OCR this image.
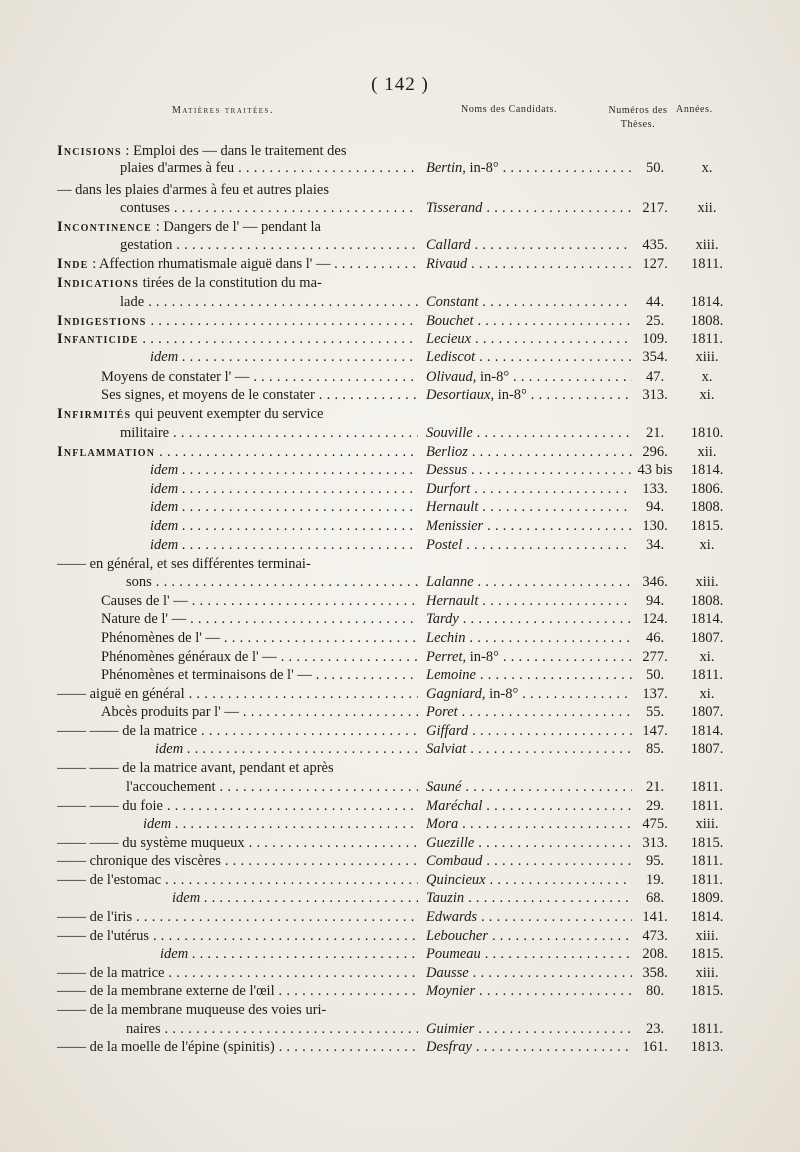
( 142 )
Matières traitées.	Noms des Candidats.	Numéros des Thèses.
Années.
Incisions : Emploi des — dans le traitement des
plaies d'armes à feu . . .	Bertin, in-8° . . .	50.	x.
— dans les plaies d'armes à feu et autres plaies
contuses . . .	Tisserand . . .	217.	xii.
Incontinence : Dangers de l' — pendant la
gestation . . .	Callard . . .	435.	xiii.
Inde : Affection rhumatismale aiguë dans l' — . . . .	Rivaud . . .	127.	1811.
Indications tirées de la constitution du ma-
lade . . .	Constant . . .	44.	1814.
Indigestions . . .	Bouchet . . .	25.	1808.
Infanticide . . .	Lecieux . . .	109.	1811.
idem . . .	Lediscot . . .	354.	xiii.
Moyens de constater l' — . . .	Olivaud, in-8° . . .	47.	x.
Ses signes, et moyens de le constater . . .	Desortiaux, in-8° . . .	313.	xi.
Infirmités qui peuvent exempter du service
militaire . . .	Souville . . .	21.	1810.
Inflammation . . .	Berlioz . . .	296.	xii.
idem . . .	Dessus . . .	43 bis	1814.
idem . . .	Durfort . . .	133.	1806.
idem . . .	Hernault . . .	94.	1808.
idem . . .	Menissier . . .	130.	1815.
idem . . .	Postel . . .	34.	xi.
—— en général, et ses différentes terminai-
sons . . .	Lalanne . . .	346.	xiii.
Causes de l' — . . .	Hernault . . .	94.	1808.
Nature de l' — . . .	Tardy . . .	124.	1814.
Phénomènes de l' — . . .	Lechin . . .	46.	1807.
Phénomènes généraux de l' — . . .	Perret, in-8° . . .	277.	xi.
Phénomènes et terminaisons de l' — . . .	Lemoine . . .	50.	1811.
—— aiguë en général . . .	Gagniard, in-8° . . .	137.	xi.
Abcès produits par l' — . . .	Poret . . .	55.	1807.
—— —— de la matrice . . .	Giffard . . .	147.	1814.
idem . . .	Salviat . . .	85.	1807.
—— —— de la matrice avant, pendant et après
l'accouchement . . .	Sauné . . .	21.	1811.
—— —— du foie . . .	Maréchal . . .	29.	1811.
idem . . .	Mora . . .	475.	xiii.
—— —— du système muqueux . . .	Guezille . . .	313.	1815.
—— chronique des viscères . . .	Combaud . . .	95.	1811.
—— de l'estomac . . .	Quincieux . . .	19.	1811.
idem . . .	Tauzin . . .	68.	1809.
—— de l'iris . . .	Edwards . . .	141.	1814.
—— de l'utérus . . .	Leboucher . . .	473.	xiii.
idem . . .	Poumeau . . .	208.	1815.
—— de la matrice . . .	Dausse . . .	358.	xiii.
—— de la membrane externe de l'œil . . .	Moynier . . .	80.	1815.
—— de la membrane muqueuse des voies uri-
naires . . .	Guimier . . .	23.	1811.
—— de la moelle de l'épine (spinitis) . . .	Desfray . . .	161.	1813.
